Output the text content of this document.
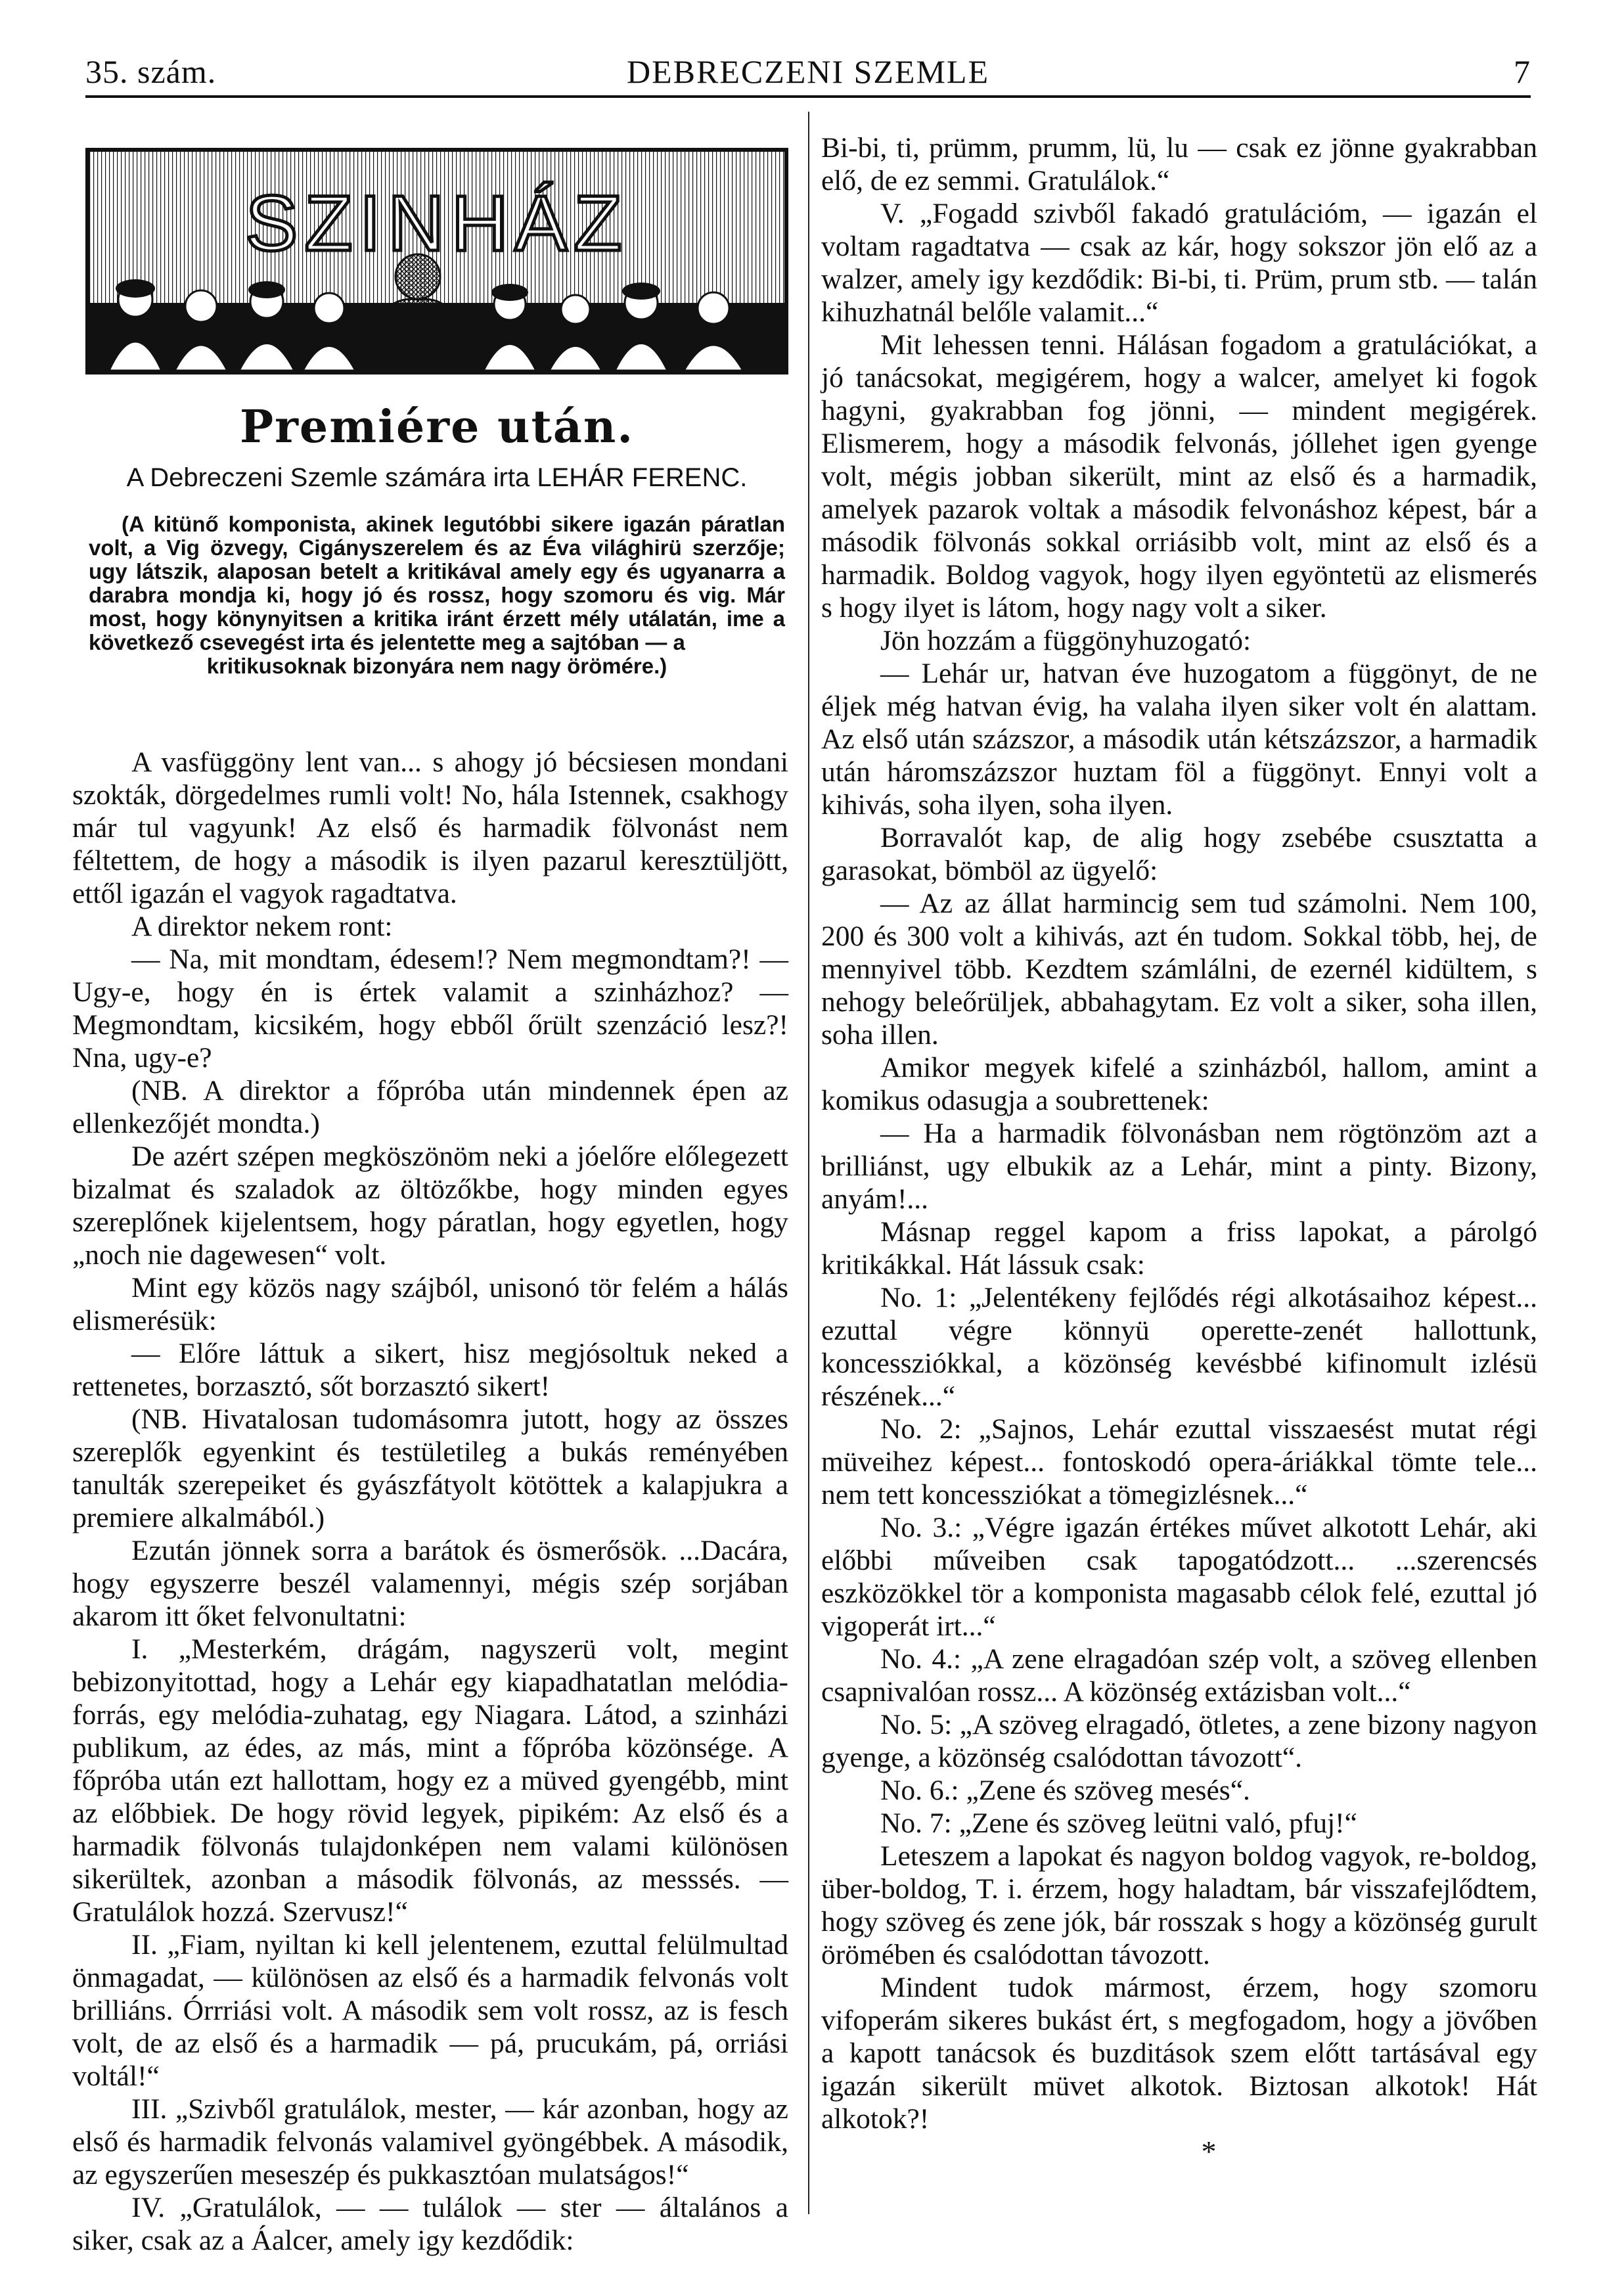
35. szám.	DEBRECZENI SZEMLE	7
SZINHÁZ
Premiére után.
A Debreczeni Szemle számára irta LEHÁR FERENC.
(A kitünő komponista, akinek legutóbbi sikere igazán páratlan volt, a Vig özvegy, Cigányszerelem és az Éva világhirü szerzője; ugy látszik, alaposan betelt a kritikával amely egy és ugyanarra a darabra mondja ki, hogy jó és rossz, hogy szomoru és vig. Már most, hogy könynyitsen a kritika iránt érzett mély utálatán, ime a következő csevegést irta és jelentette meg a sajtóban — a
kritikusoknak bizonyára nem nagy örömére.)

A vasfüggöny lent van... s ahogy jó bécsiesen mondani szokták, dörgedelmes rumli volt! No, hála Istennek, csakhogy már tul vagyunk! Az első és harmadik fölvonást nem féltettem, de hogy a második is ilyen pazarul keresztüljött, ettől igazán el vagyok ragadtatva.

A direktor nekem ront:

— Na, mit mondtam, édesem!? Nem megmondtam?! — Ugy-e, hogy én is értek valamit a szinházhoz? — Megmondtam, kicsikém, hogy ebből őrült szenzáció lesz?! Nna, ugy-e?

(NB. A direktor a főpróba után mindennek épen az ellenkezőjét mondta.)

De azért szépen megköszönöm neki a jóelőre előlegezett bizalmat és szaladok az öltözőkbe, hogy minden egyes szereplőnek kijelentsem, hogy páratlan, hogy egyetlen, hogy „noch nie dagewesen“ volt.

Mint egy közös nagy szájból, unisonó tör felém a hálás elismerésük:

— Előre láttuk a sikert, hisz megjósoltuk neked a rettenetes, borzasztó, sőt borzasztó sikert!

(NB. Hivatalosan tudomásomra jutott, hogy az összes szereplők egyenkint és testületileg a bukás reményében tanulták szerepeiket és gyászfátyolt kötöttek a kalapjukra a premiere alkalmából.)

Ezután jönnek sorra a barátok és ösmerősök. ...Dacára, hogy egyszerre beszél valamennyi, mégis szép sorjában akarom itt őket felvonultatni:

I. „Mesterkém, drágám, nagyszerü volt, megint bebizonyitottad, hogy a Lehár egy kiapadhatatlan melódia-forrás, egy melódia-zuhatag, egy Niagara. Látod, a szinházi publikum, az édes, az más, mint a főpróba közönsége. A főpróba után ezt hallottam, hogy ez a müved gyengébb, mint az előbbiek. De hogy rövid legyek, pipikém: Az első és a harmadik fölvonás tulajdonképen nem valami különösen sikerültek, azonban a második fölvonás, az messsés. — Gratulálok hozzá. Szervusz!“

II. „Fiam, nyiltan ki kell jelentenem, ezuttal felülmultad önmagadat, — különösen az első és a harmadik felvonás volt brilliáns. Órrriási volt. A második sem volt rossz, az is fesch volt, de az első és a harmadik — pá, prucukám, pá, orriási voltál!“

III. „Szivből gratulálok, mester, — kár azonban, hogy az első és harmadik felvonás valamivel gyöngébbek. A második, az egyszerűen meseszép és pukkasztóan mulatságos!“

IV. „Gratulálok, — — tulálok — ster — általános a siker, csak az a Áalcer, amely igy kezdődik:

Bi-bi, ti, prümm, prumm, lü, lu — csak ez jönne gyakrabban elő, de ez semmi. Gratulálok.“

V. „Fogadd szivből fakadó gratulációm, — igazán el voltam ragadtatva — csak az kár, hogy sokszor jön elő az a walzer, amely igy kezdődik: Bi-bi, ti. Prüm, prum stb. — talán kihuzhatnál belőle valamit...“

Mit lehessen tenni. Hálásan fogadom a gratulációkat, a jó tanácsokat, megigérem, hogy a walcer, amelyet ki fogok hagyni, gyakrabban fog jönni, — mindent megigérek. Elismerem, hogy a második felvonás, jóllehet igen gyenge volt, mégis jobban sikerült, mint az első és a harmadik, amelyek pazarok voltak a második felvonáshoz képest, bár a második fölvonás sokkal orriásibb volt, mint az első és a harmadik. Boldog vagyok, hogy ilyen egyöntetü az elismerés s hogy ilyet is látom, hogy nagy volt a siker.

Jön hozzám a függönyhuzogató:

— Lehár ur, hatvan éve huzogatom a függönyt, de ne éljek még hatvan évig, ha valaha ilyen siker volt én alattam. Az első után százszor, a második után kétszázszor, a harmadik után háromszázszor huztam föl a függönyt. Ennyi volt a kihivás, soha ilyen, soha ilyen.

Borravalót kap, de alig hogy zsebébe csusztatta a garasokat, bömböl az ügyelő:

— Az az állat harmincig sem tud számolni. Nem 100, 200 és 300 volt a kihivás, azt én tudom. Sokkal több, hej, de mennyivel több. Kezdtem számlálni, de ezernél kidültem, s nehogy beleőrüljek, abbahagytam. Ez volt a siker, soha illen, soha illen.

Amikor megyek kifelé a szinházból, hallom, amint a komikus odasugja a soubrettenek:

— Ha a harmadik fölvonásban nem rögtönzöm azt a brilliánst, ugy elbukik az a Lehár, mint a pinty. Bizony, anyám!...

Másnap reggel kapom a friss lapokat, a párolgó kritikákkal. Hát lássuk csak:

No. 1: „Jelentékeny fejlődés régi alkotásaihoz képest... ezuttal végre könnyü operette-zenét hallottunk, koncessziókkal, a közönség kevésbbé kifinomult izlésü részének...“

No. 2: „Sajnos, Lehár ezuttal visszaesést mutat régi müveihez képest... fontoskodó opera-áriákkal tömte tele... nem tett koncessziókat a tömegizlésnek...“

No. 3.: „Végre igazán értékes művet alkotott Lehár, aki előbbi műveiben csak tapogatódzott... ...szerencsés eszközökkel tör a komponista magasabb célok felé, ezuttal jó vigoperát irt...“

No. 4.: „A zene elragadóan szép volt, a szöveg ellenben csapnivalóan rossz... A közönség extázisban volt...“

No. 5: „A szöveg elragadó, ötletes, a zene bizony nagyon gyenge, a közönség csalódottan távozott“.

No. 6.: „Zene és szöveg mesés“.

No. 7: „Zene és szöveg leütni való, pfuj!“

Leteszem a lapokat és nagyon boldog vagyok, re-boldog, über-boldog, T. i. érzem, hogy haladtam, bár visszafejlődtem, hogy szöveg és zene jók, bár rosszak s hogy a közönség gurult örömében és csalódottan távozott.

Mindent tudok mármost, érzem, hogy szomoru vifoperám sikeres bukást ért, s megfogadom, hogy a jövőben a kapott tanácsok és buzditások szem előtt tartásával egy igazán sikerült müvet alkotok. Biztosan alkotok! Hát alkotok?!

*
